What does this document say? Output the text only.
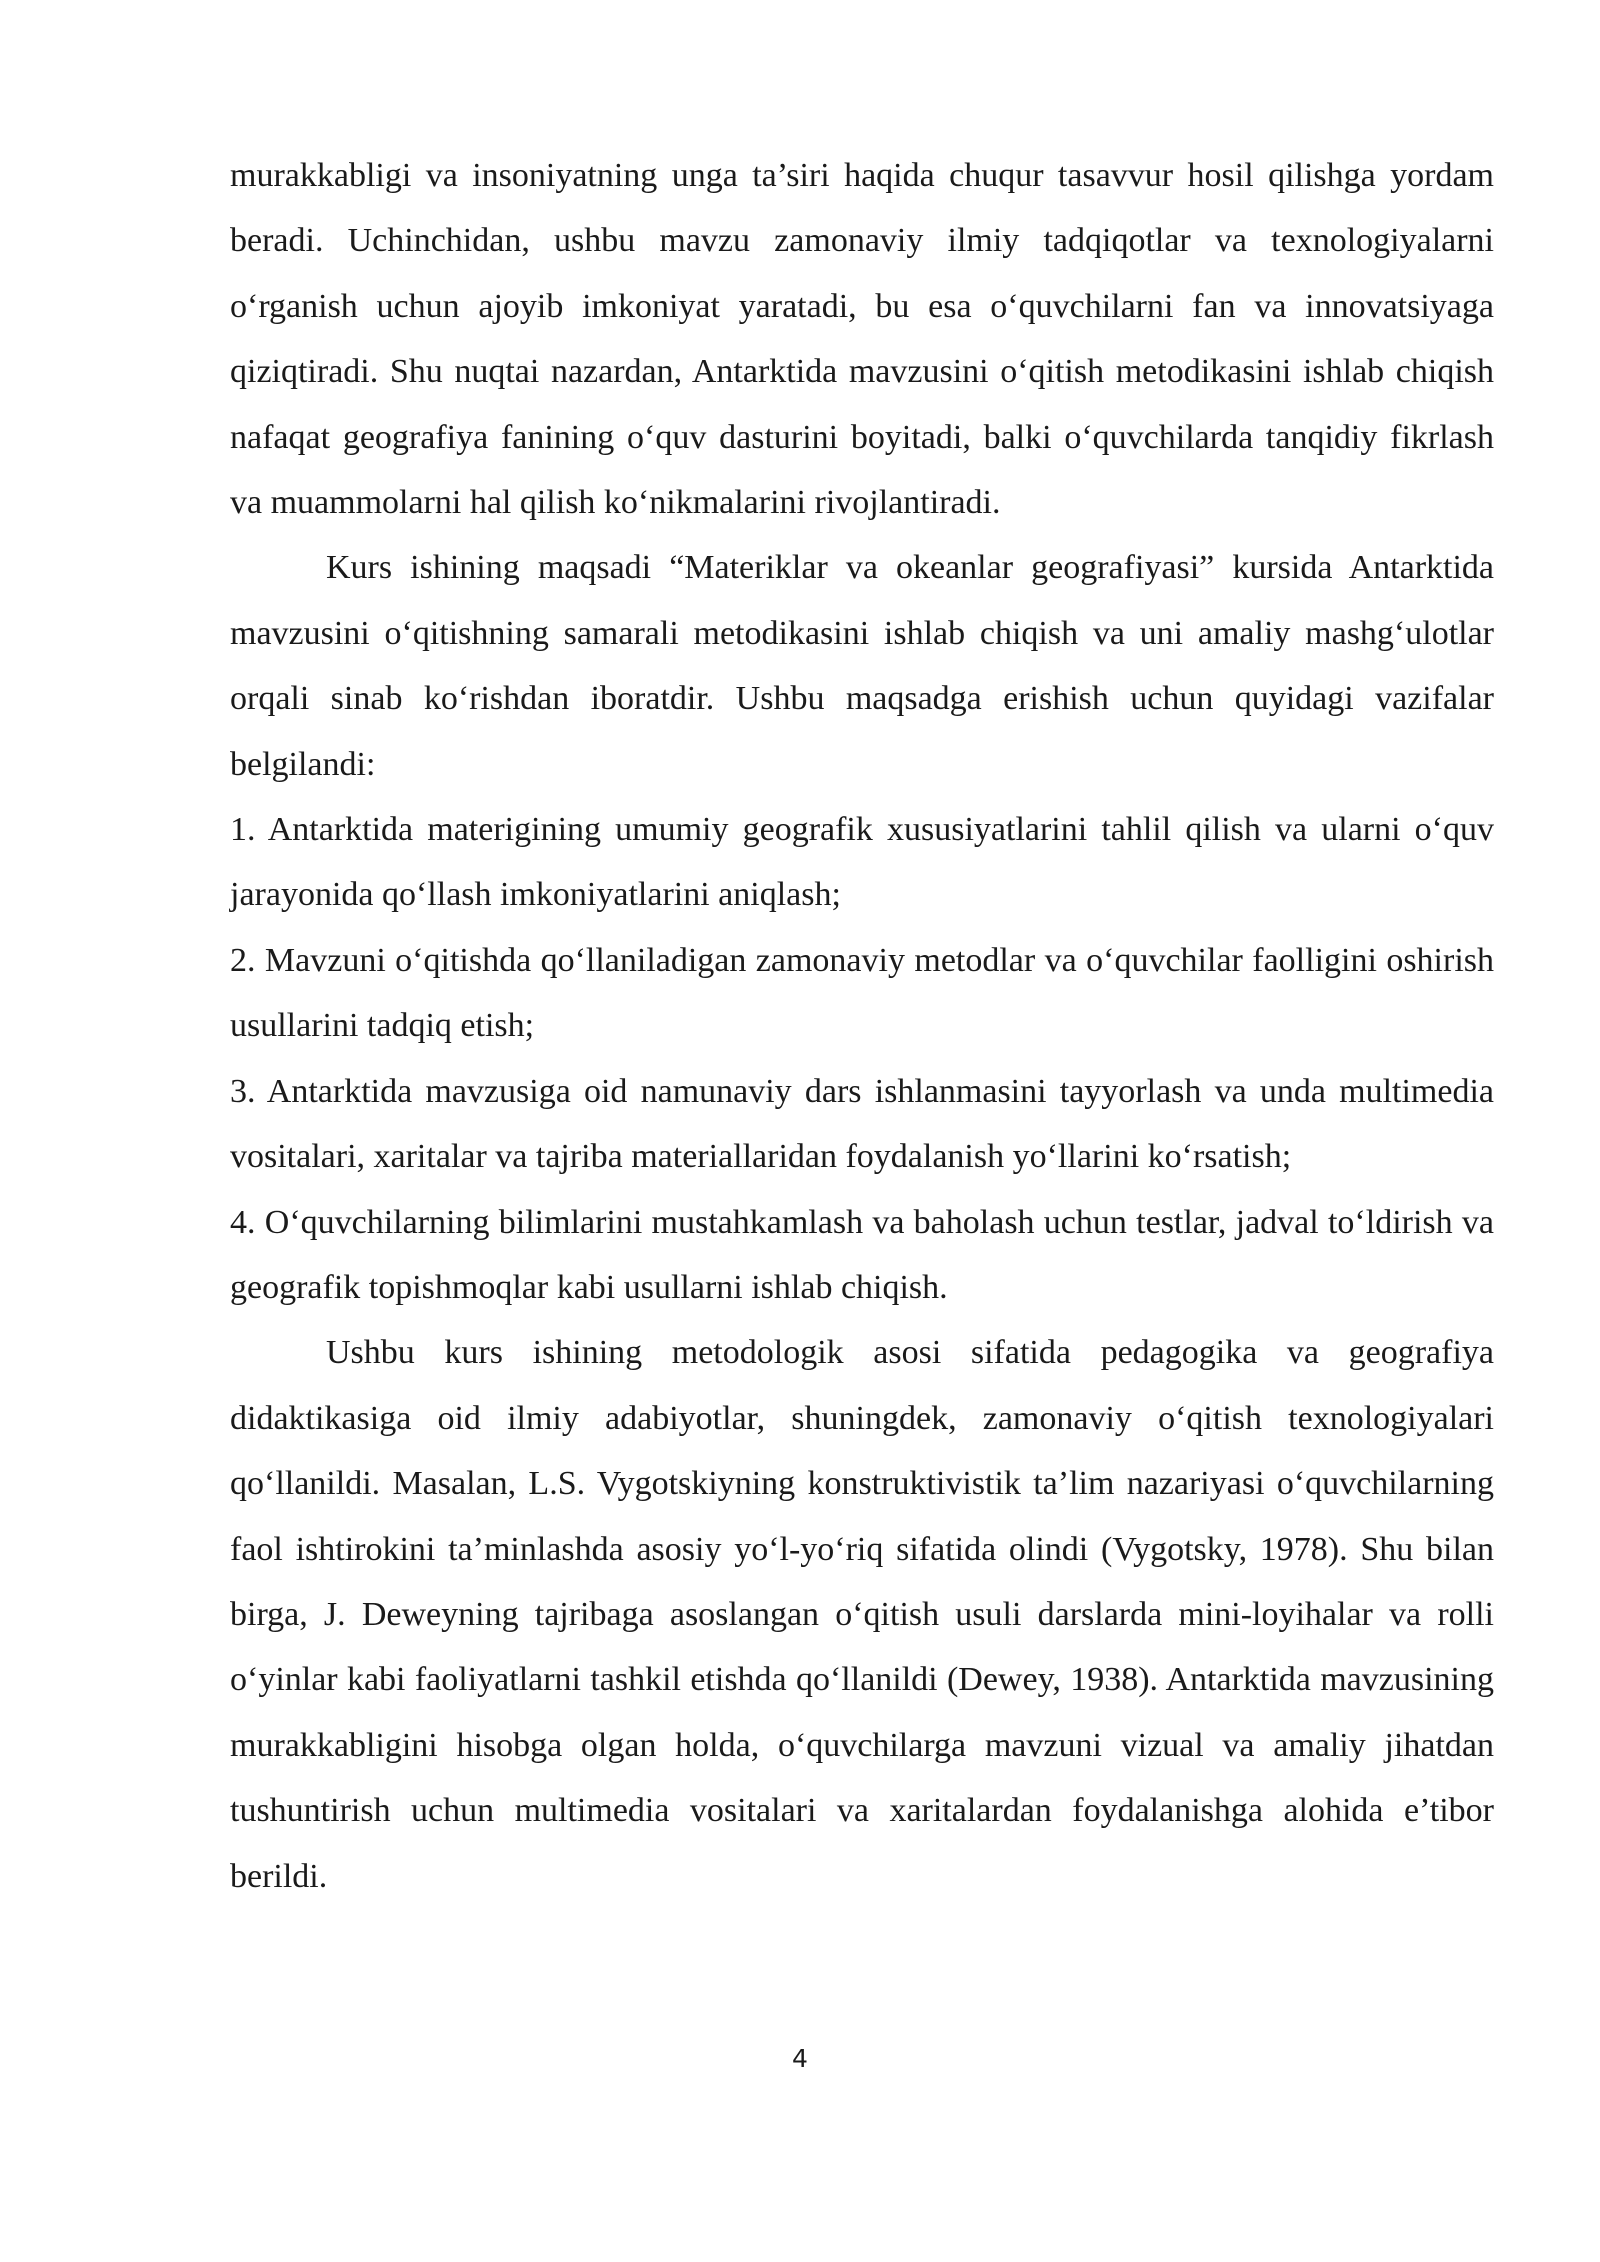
murakkabligi va insoniyatning unga ta’siri haqida chuqur tasavvur hosil qilishga yordam beradi. Uchinchidan, ushbu mavzu zamonaviy ilmiy tadqiqotlar va texnologiyalarni o‘rganish uchun ajoyib imkoniyat yaratadi, bu esa o‘quvchilarni fan va innovatsiyaga qiziqtiradi. Shu nuqtai nazardan, Antarktida mavzusini o‘qitish metodikasini ishlab chiqish nafaqat geografiya fanining o‘quv dasturini boyitadi, balki o‘quvchilarda tanqidiy fikrlash va muammolarni hal qilish ko‘nikmalarini rivojlantiradi.

Kurs ishining maqsadi “Materiklar va okeanlar geografiyasi” kursida Antarktida mavzusini o‘qitishning samarali metodikasini ishlab chiqish va uni amaliy mashg‘ulotlar orqali sinab ko‘rishdan iboratdir. Ushbu maqsadga erishish uchun quyidagi vazifalar belgilandi:

1. Antarktida materigining umumiy geografik xususiyatlarini tahlil qilish va ularni o‘quv jarayonida qo‘llash imkoniyatlarini aniqlash;

2. Mavzuni o‘qitishda qo‘llaniladigan zamonaviy metodlar va o‘quvchilar faolligini oshirish usullarini tadqiq etish;

3. Antarktida mavzusiga oid namunaviy dars ishlanmasini tayyorlash va unda multimedia vositalari, xaritalar va tajriba materiallaridan foydalanish yo‘llarini ko‘rsatish;

4. O‘quvchilarning bilimlarini mustahkamlash va baholash uchun testlar, jadval to‘ldirish va geografik topishmoqlar kabi usullarni ishlab chiqish.

Ushbu kurs ishining metodologik asosi sifatida pedagogika va geografiya didaktikasiga oid ilmiy adabiyotlar, shuningdek, zamonaviy o‘qitish texnologiyalari qo‘llanildi. Masalan, L.S. Vygotskiyning konstruktivistik ta’lim nazariyasi o‘quvchilarning faol ishtirokini ta’minlashda asosiy yo‘l-yo‘riq sifatida olindi (Vygotsky, 1978). Shu bilan birga, J. Deweyning tajribaga asoslangan o‘qitish usuli darslarda mini-loyihalar va rolli o‘yinlar kabi faoliyatlarni tashkil etishda qo‘llanildi (Dewey, 1938). Antarktida mavzusining murakkabligini hisobga olgan holda, o‘quvchilarga mavzuni vizual va amaliy jihatdan tushuntirish uchun multimedia vositalari va xaritalardan foydalanishga alohida e’tibor berildi.

4
